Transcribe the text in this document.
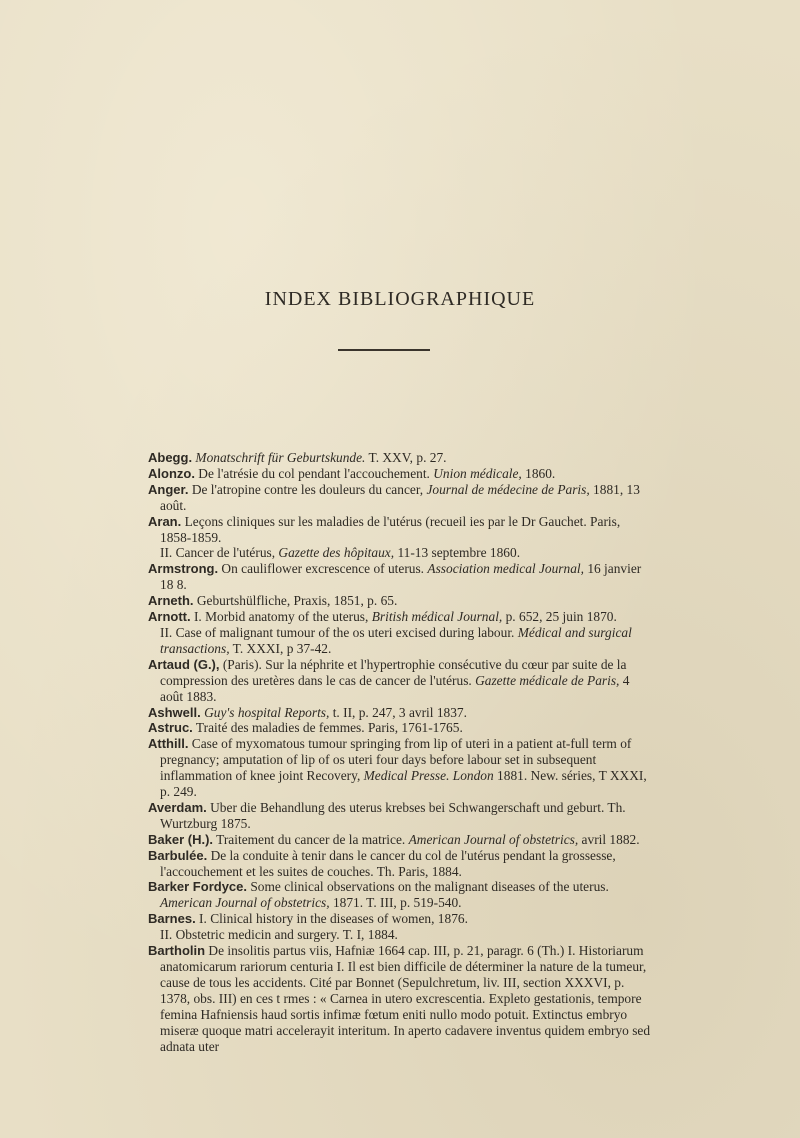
INDEX BIBLIOGRAPHIQUE
Abegg. Monatschrift für Geburtskunde. T. XXV, p. 27.
Alonzo. De l'atrésie du col pendant l'accouchement. Union médicale, 1860.
Anger. De l'atropine contre les douleurs du cancer, Journal de médecine de Paris, 1881, 13 août.
Aran. Leçons cliniques sur les maladies de l'utérus (recueil ies par le Dr Gauchet. Paris, 1858-1859.
II. Cancer de l'utérus, Gazette des hôpitaux, 11-13 septembre 1860.
Armstrong. On cauliflower excrescence of uterus. Association medical Journal, 16 janvier 18 8.
Arneth. Geburtshülfliche, Praxis, 1851, p. 65.
Arnott. I. Morbid anatomy of the uterus, British médical Journal, p. 652, 25 juin 1870.
II. Case of malignant tumour of the os uteri excised during labour. Médical and surgical transactions, T. XXXI, p 37-42.
Artaud (G.), (Paris). Sur la néphrite et l'hypertrophie consécutive du cœur par suite de la compression des uretères dans le cas de cancer de l'utérus. Gazette médicale de Paris, 4 août 1883.
Ashwell. Guy's hospital Reports, t. II, p. 247, 3 avril 1837.
Astruc. Traité des maladies de femmes. Paris, 1761-1765.
Atthill. Case of myxomatous tumour springing from lip of uteri in a patient at-full term of pregnancy; amputation of lip of os uteri four days before labour set in subsequent inflammation of knee joint Recovery, Medical Presse. London 1881. New. séries, T XXXI, p. 249.
Averdam. Uber die Behandlung des uterus krebses bei Schwangerschaft und geburt. Th. Wurtzburg 1875.
Baker (H.). Traitement du cancer de la matrice. American Journal of obstetrics, avril 1882.
Barbulée. De la conduite à tenir dans le cancer du col de l'utérus pendant la grossesse, l'accouchement et les suites de couches. Th. Paris, 1884.
Barker Fordyce. Some clinical observations on the malignant diseases of the uterus. American Journal of obstetrics, 1871. T. III, p. 519-540.
Barnes. I. Clinical history in the diseases of women, 1876.
II. Obstetric medicin and surgery. T. I, 1884.
Bartholin De insolitis partus viis, Hafniæ 1664 cap. III, p. 21, paragr. 6 (Th.) I. Historiarum anatomicarum rariorum centuria I. Il est bien difficile de déterminer la nature de la tumeur, cause de tous les accidents. Cité par Bonnet (Sepulchretum, liv. III, section XXXVI, p. 1378, obs. III) en ces t rmes : « Carnea in utero excrescentia. Expleto gestationis, tempore femina Hafniensis haud sortis infimæ fœtum eniti nullo modo potuit. Extinctus embryo miseræ quoque matri accelerayit interitum. In aperto cadavere inventus quidem embryo sed adnata uter
